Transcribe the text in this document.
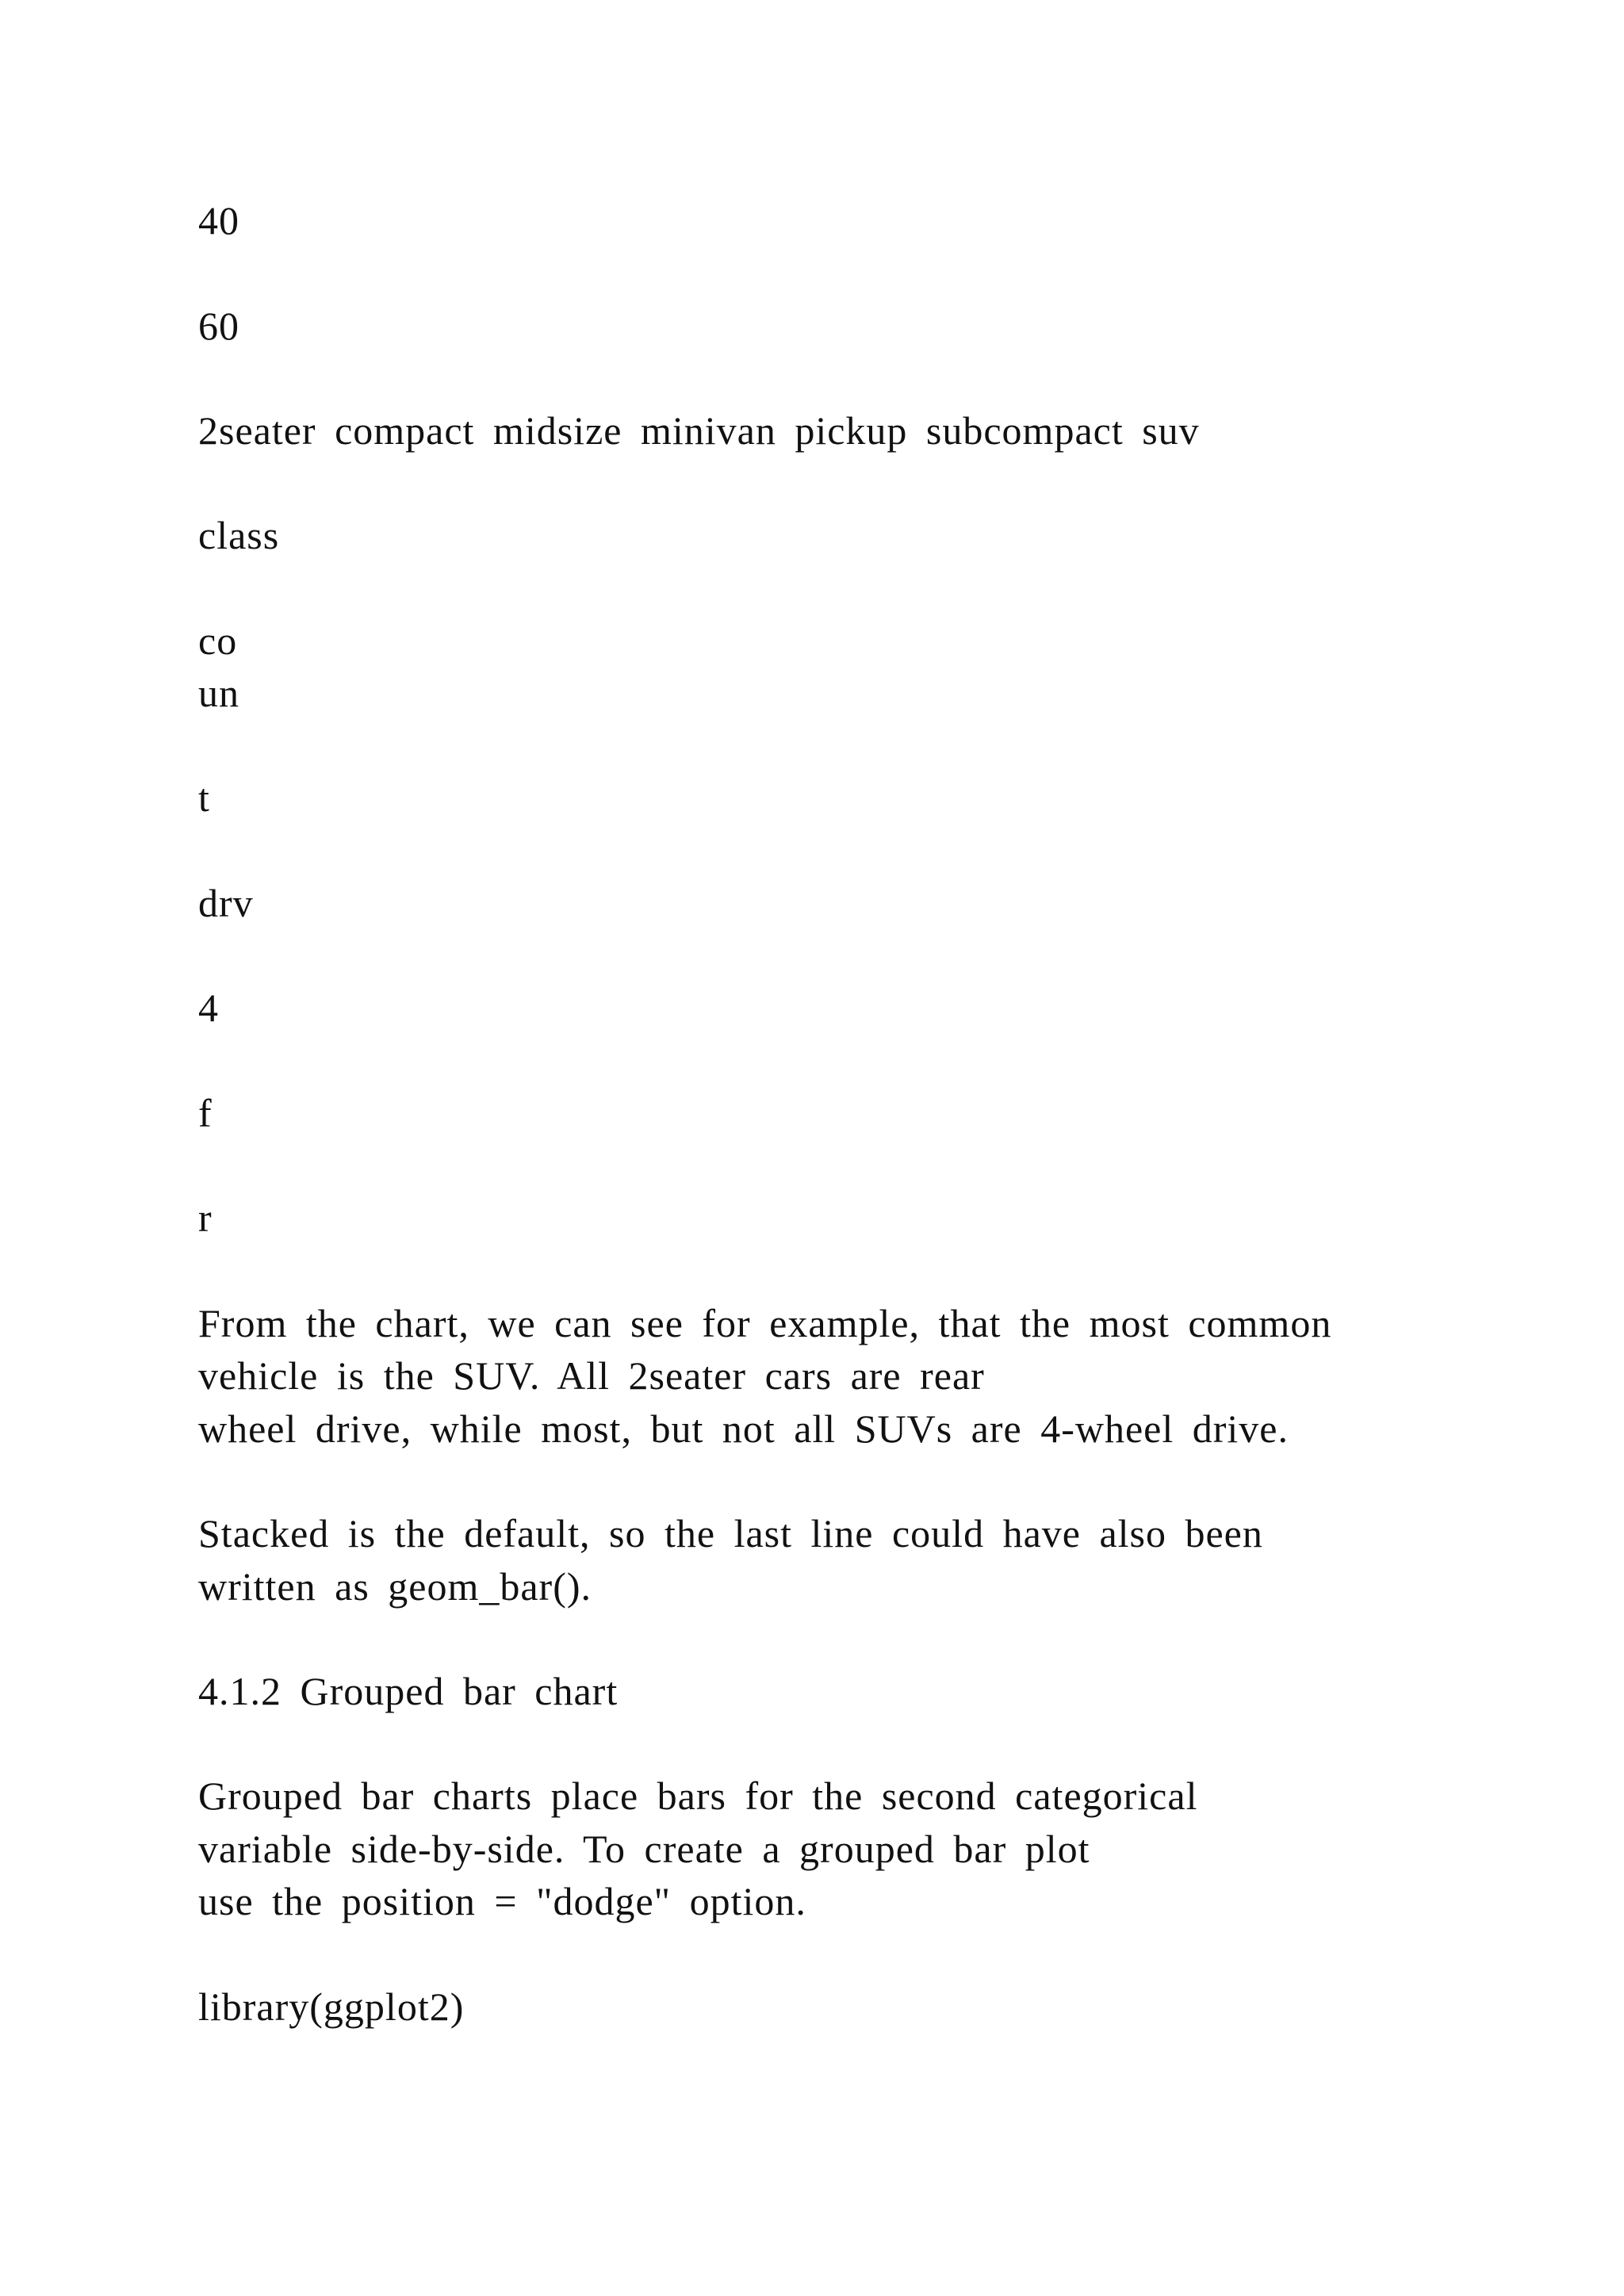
40
60
2seater compact midsize minivan pickup subcompact suv
class
co
un
t
drv
4
f
r
From the chart, we can see for example, that the most common
vehicle is the SUV. All 2seater cars are rear
wheel drive, while most, but not all SUVs are 4-wheel drive.
Stacked is the default, so the last line could have also been
written as geom_bar().
4.1.2 Grouped bar chart
Grouped bar charts place bars for the second categorical
variable side-by-side. To create a grouped bar plot
use the position = "dodge" option.
library(ggplot2)
